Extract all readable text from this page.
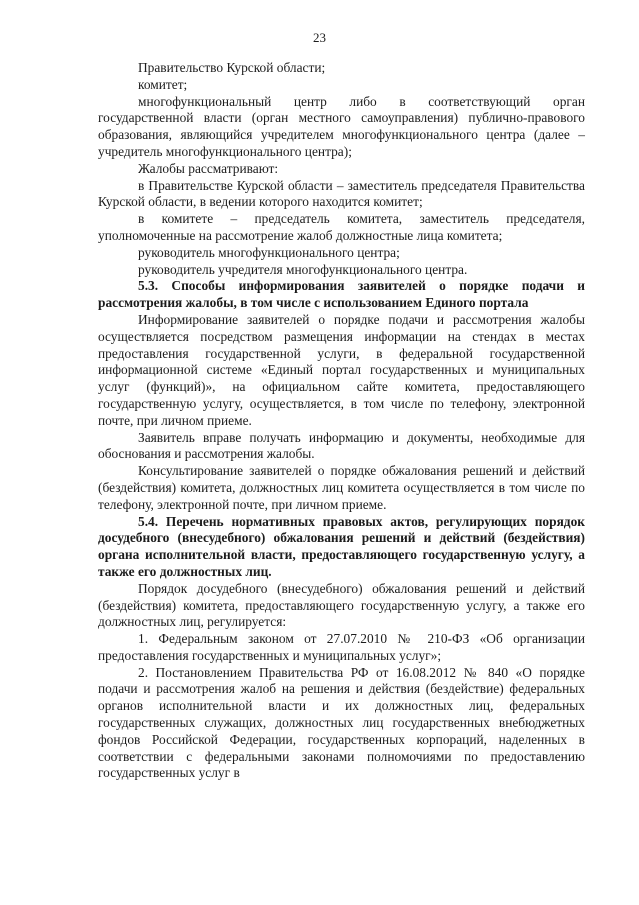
23

Правительство Курской области;

комитет;

многофункциональный центр либо в соответствующий орган государственной власти (орган местного самоуправления) публично-правового образования, являющийся учредителем многофункционального центра (далее – учредитель многофункционального центра);

Жалобы рассматривают:

в Правительстве Курской области – заместитель председателя Правительства Курской области, в ведении которого находится комитет;

в комитете – председатель комитета, заместитель председателя, уполномоченные на рассмотрение жалоб должностные лица комитета;

руководитель многофункционального центра;

руководитель учредителя многофункционального центра.

5.3. Способы информирования заявителей о порядке подачи и рассмотрения жалобы, в том числе с использованием Единого портала

Информирование заявителей о порядке подачи и рассмотрения жалобы осуществляется посредством размещения информации на стендах в местах предоставления государственной услуги, в федеральной государственной информационной системе «Единый портал государственных и муниципальных услуг (функций)», на официальном сайте комитета, предоставляющего государственную услугу, осуществляется, в том числе по телефону, электронной почте, при личном приеме.

Заявитель вправе получать информацию и документы, необходимые для обоснования и рассмотрения жалобы.

Консультирование заявителей о порядке обжалования решений и действий (бездействия) комитета, должностных лиц комитета осуществляется в том числе по телефону, электронной почте, при личном приеме.

5.4. Перечень нормативных правовых актов, регулирующих порядок досудебного (внесудебного) обжалования решений и действий (бездействия) органа исполнительной власти, предоставляющего государственную услугу, а также его должностных лиц.

Порядок досудебного (внесудебного) обжалования решений и действий (бездействия) комитета, предоставляющего государственную услугу, а также его должностных лиц, регулируется:

1. Федеральным законом от 27.07.2010 № 210-ФЗ «Об организации предоставления государственных и муниципальных услуг»;

2. Постановлением Правительства РФ от 16.08.2012 № 840 «О порядке подачи и рассмотрения жалоб на решения и действия (бездействие) федеральных органов исполнительной власти и их должностных лиц, федеральных государственных служащих, должностных лиц государственных внебюджетных фондов Российской Федерации, государственных корпораций, наделенных в соответствии с федеральными законами полномочиями по предоставлению государственных услуг в
